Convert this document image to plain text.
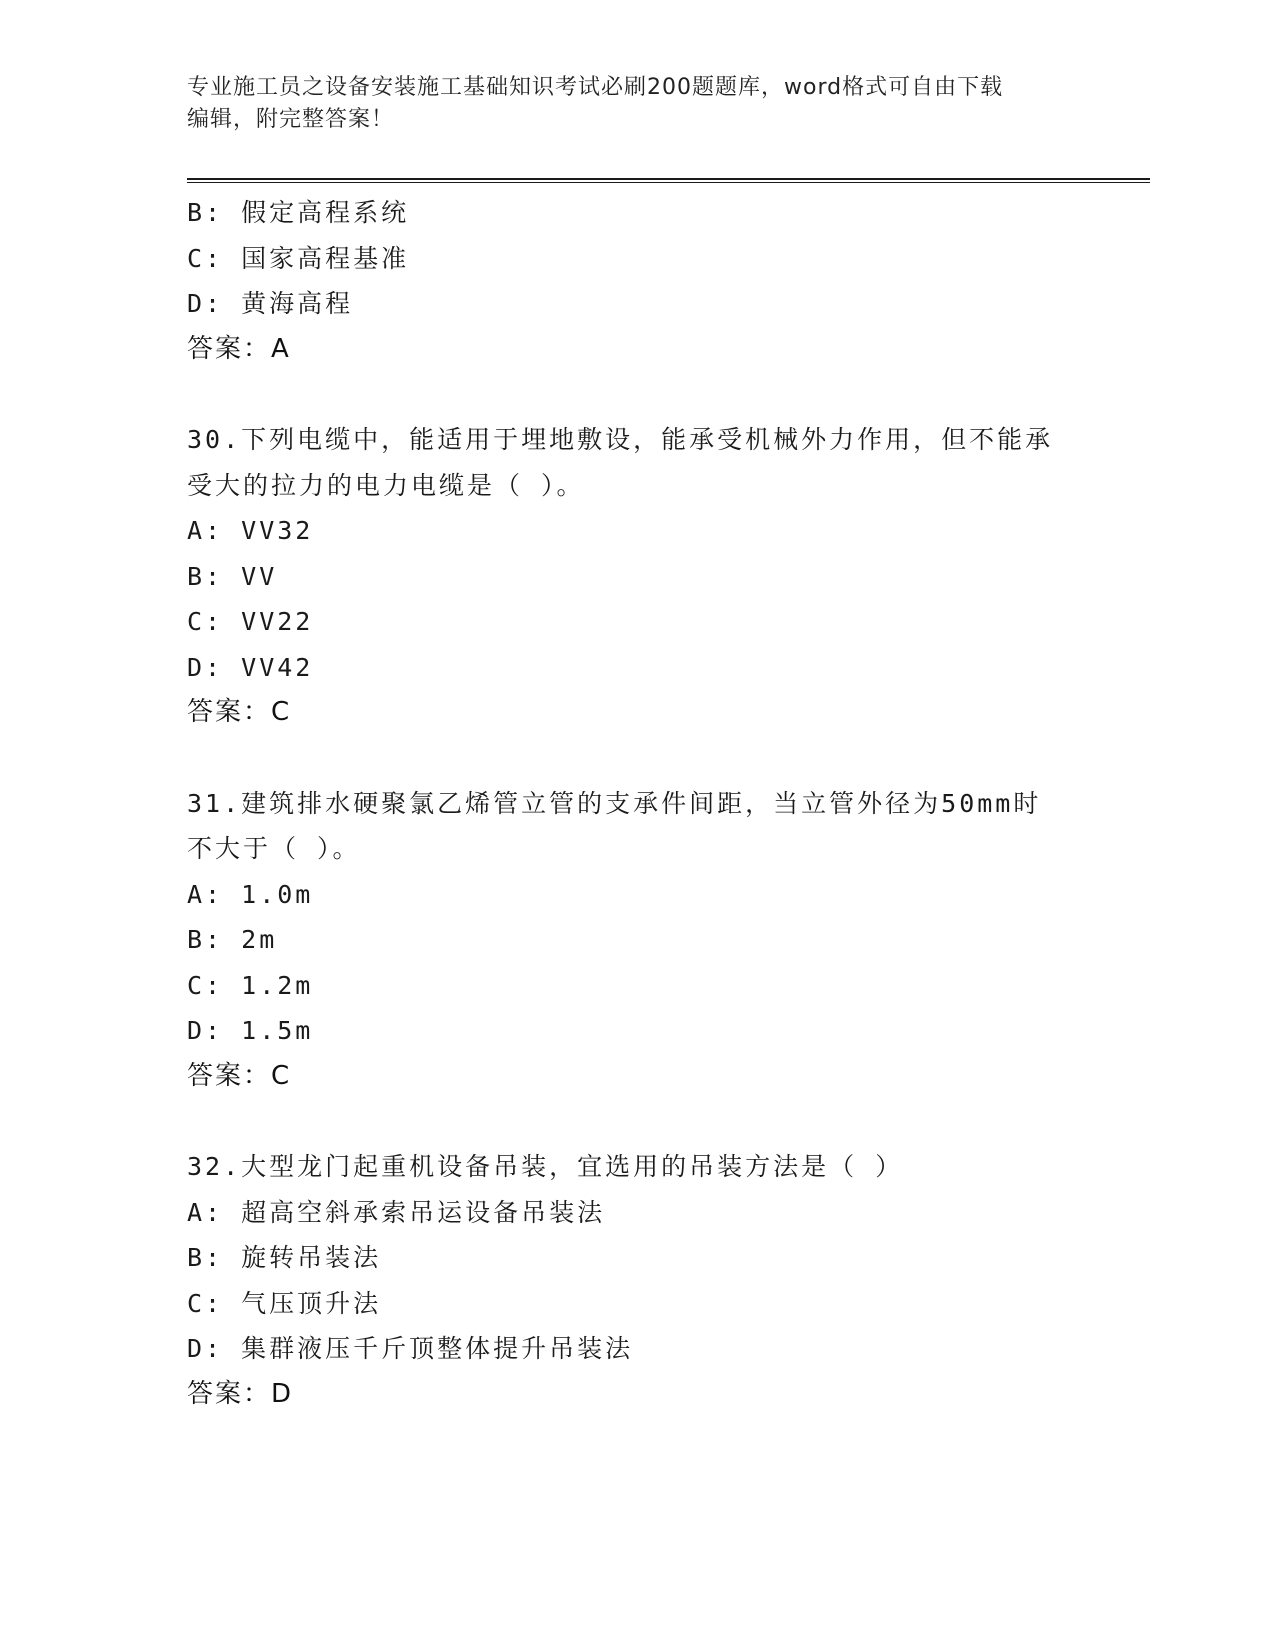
专业施工员之设备安装施工基础知识考试必刷200题题库，word格式可自由下载
编辑，附完整答案！
B: 假定高程系统
C: 国家高程基准
D: 黄海高程
答案：A
30.下列电缆中，能适用于埋地敷设，能承受机械外力作用，但不能承
受大的拉力的电力电缆是（ ）。
A: VV32
B: VV
C: VV22
D: VV42
答案：C
31.建筑排水硬聚氯乙烯管立管的支承件间距，当立管外径为50mm时
不大于（ ）。
A: 1.0m
B: 2m
C: 1.2m
D: 1.5m
答案：C
32.大型龙门起重机设备吊装，宜选用的吊装方法是（ ）
A: 超高空斜承索吊运设备吊装法
B: 旋转吊装法
C: 气压顶升法
D: 集群液压千斤顶整体提升吊装法
答案：D
